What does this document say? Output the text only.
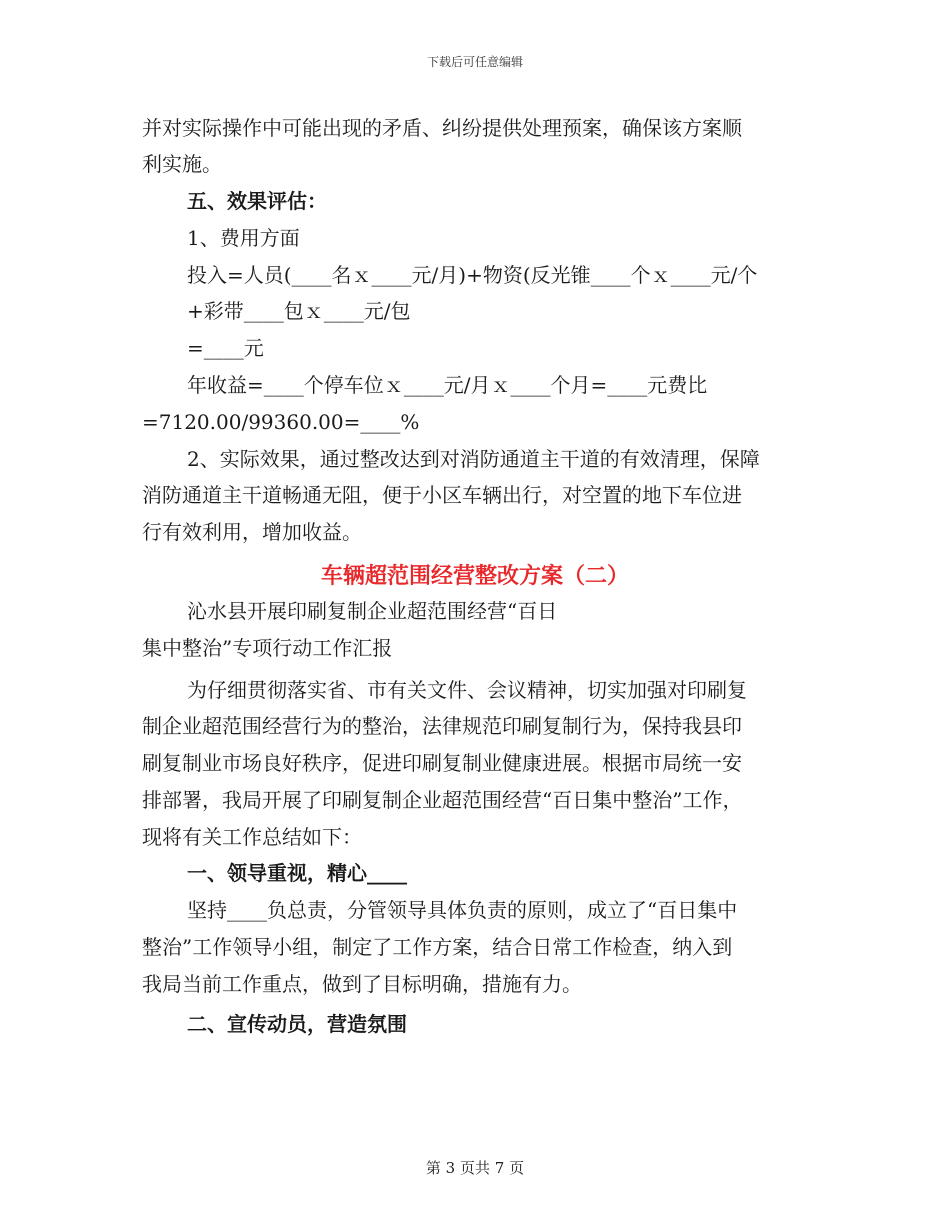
下载后可任意编辑
并对实际操作中可能出现的矛盾、纠纷提供处理预案，确保该方案顺
利实施。
五、效果评估：
1、费用方面
投入=人员(____名ｘ____元/月)+物资(反光锥____个ｘ____元/个
+彩带____包ｘ____元/包
=____元
年收益=____个停车位ｘ____元/月ｘ____个月=____元费比
=7120.00/99360.00=____%
2、实际效果，通过整改达到对消防通道主干道的有效清理，保障
消防通道主干道畅通无阻，便于小区车辆出行，对空置的地下车位进
行有效利用，增加收益。
车辆超范围经营整改方案（二）
沁水县开展印刷复制企业超范围经营“百日
集中整治”专项行动工作汇报
为仔细贯彻落实省、市有关文件、会议精神，切实加强对印刷复
制企业超范围经营行为的整治，法律规范印刷复制行为，保持我县印
刷复制业市场良好秩序，促进印刷复制业健康进展。根据市局统一安
排部署，我局开展了印刷复制企业超范围经营“百日集中整治”工作，
现将有关工作总结如下：
一、领导重视，精心____
坚持____负总责，分管领导具体负责的原则，成立了“百日集中
整治”工作领导小组，制定了工作方案，结合日常工作检查，纳入到
我局当前工作重点，做到了目标明确，措施有力。
二、宣传动员，营造氛围
第 3 页共 7 页
